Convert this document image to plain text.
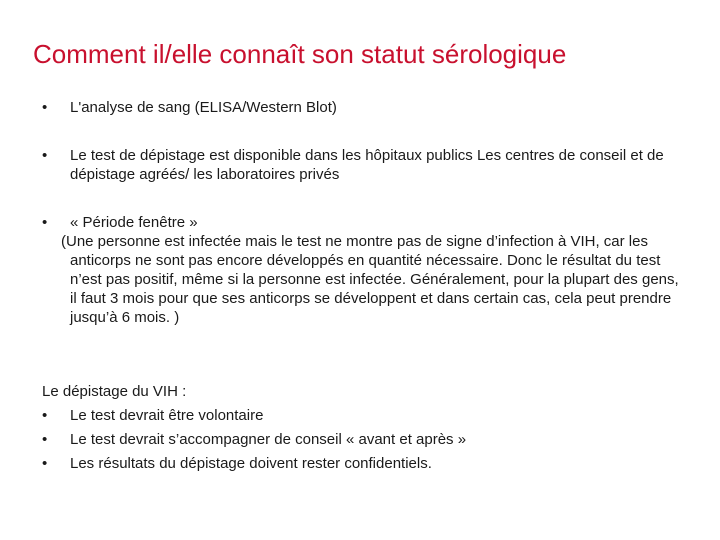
Comment il/elle connaît son statut sérologique
• L'analyse de sang (ELISA/Western Blot)
• Le test de dépistage est disponible dans les hôpitaux publics Les centres de conseil et de dépistage agréés/ les laboratoires privés
• « Période fenêtre »
(Une personne est infectée mais le test ne montre pas de signe d’infection à VIH, car les anticorps ne sont pas encore développés en quantité nécessaire. Donc le résultat du test n’est pas positif, même si la personne est infectée. Généralement, pour la plupart des gens, il faut 3 mois pour que ses anticorps se développent et dans certain cas, cela peut prendre jusqu’à 6 mois. )
Le dépistage du VIH :
• Le test devrait être volontaire
• Le test devrait s’accompagner de conseil « avant et après »
• Les résultats du dépistage doivent rester confidentiels.
